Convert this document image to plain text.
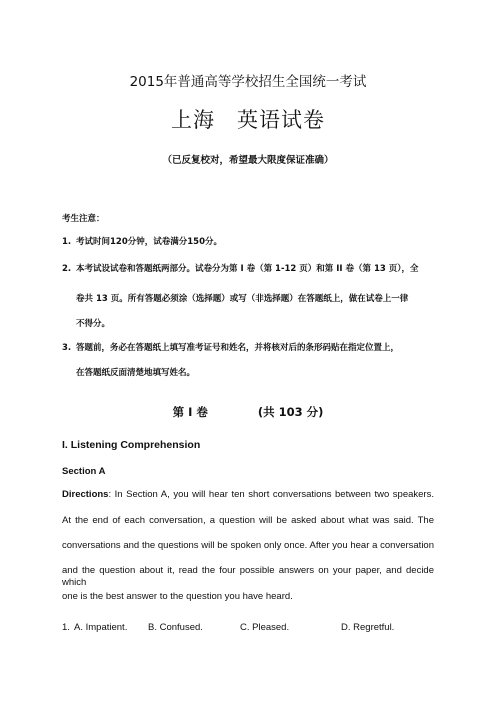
2015年普通高等学校招生全国统一考试
上海 英语试卷
（已反复校对，希望最大限度保证准确）
考生注意：
1. 考试时间120分钟，试卷满分150分。
2. 本考试设试卷和答题纸两部分。试卷分为第 I 卷（第 1-12 页）和第 II 卷（第 13 页），全
卷共 13 页。所有答题必须涂（选择题）或写（非选择题）在答题纸上，做在试卷上一律
不得分。
3. 答题前，务必在答题纸上填写准考证号和姓名，并将核对后的条形码贴在指定位置上，
在答题纸反面清楚地填写姓名。
第 I 卷	(共 103 分)
I. Listening Comprehension
Section A
Directions: In Section A, you will hear ten short conversations between two speakers.
At the end of each conversation, a question will be asked about what was said. The
conversations and the questions will be spoken only once. After you hear a conversation
and the question about it, read the four possible answers on your paper, and decide which
one is the best answer to the question you have heard.
1. A. Impatient. B. Confused.	C. Pleased.	D. Regretful.
